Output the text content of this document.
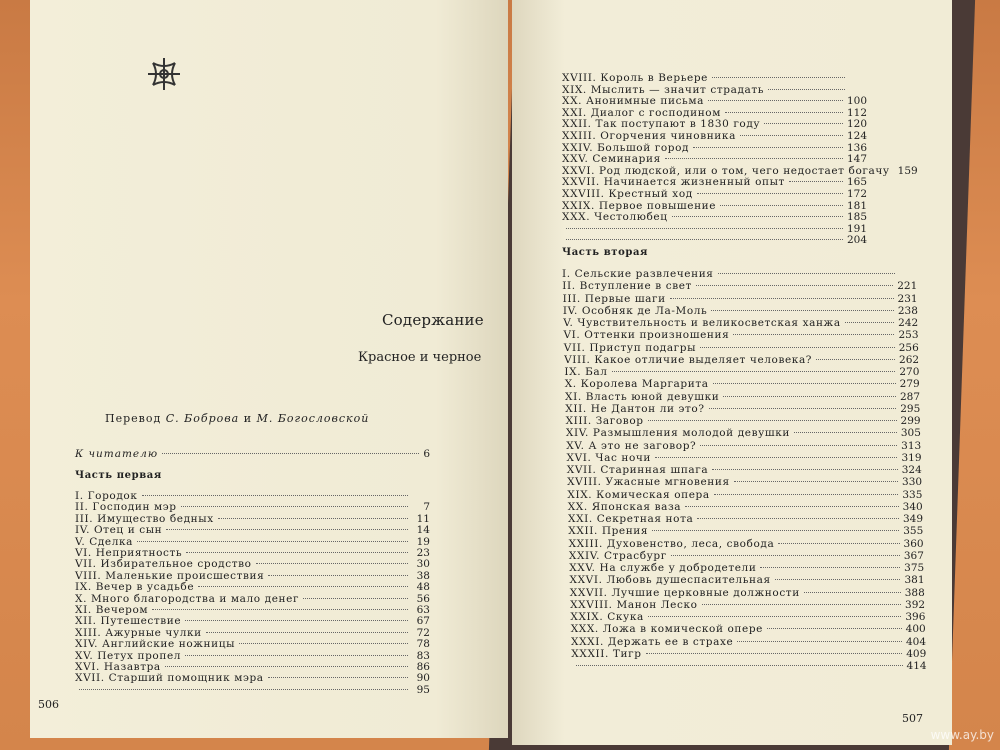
Содержание
Красное и черное
Перевод С. Боброва и М. Богословской
К читателю	6
Часть первая
I. Городок
II. Господин мэр	7
III. Имущество бедных	11
IV. Отец и сын	14
V. Сделка	19
VI. Неприятность	23
VII. Избирательное сродство	30
VIII. Маленькие происшествия	38
IX. Вечер в усадьбе	48
X. Много благородства и мало денег	56
XI. Вечером	63
XII. Путешествие	67
XIII. Ажурные чулки	72
XIV. Английские ножницы	78
XV. Петух пропел	83
XVI. Назавтра	86
XVII. Старший помощник мэра	90
95
506
XVIII. Король в Верьере
XIX. Мыслить — значит страдать
XX. Анонимные письма	100
XXI. Диалог с господином	112
XXII. Так поступают в 1830 году	120
XXIII. Огорчения чиновника	124
XXIV. Большой город	136
XXV. Семинария	147
XXVI. Род людской, или о том, чего недостает богачу 159
XXVII. Начинается жизненный опыт	165
XXVIII. Крестный ход	172
XXIX. Первое повышение	181
XXX. Честолюбец	185
191
204
Часть вторая
I. Сельские развлечения
II. Вступление в свет	221
III. Первые шаги	231
IV. Особняк де Ла-Моль	238
V. Чувствительность и великосветская ханжа	242
VI. Оттенки произношения	253
VII. Приступ подагры	256
VIII. Какое отличие выделяет человека?	262
IX. Бал	270
X. Королева Маргарита	279
XI. Власть юной девушки	287
XII. Не Дантон ли это?	295
XIII. Заговор	299
XIV. Размышления молодой девушки	305
XV. А это не заговор?	313
XVI. Час ночи	319
XVII. Старинная шпага	324
XVIII. Ужасные мгновения	330
XIX. Комическая опера	335
XX. Японская ваза	340
XXI. Секретная нота	349
XXII. Прения	355
XXIII. Духовенство, леса, свобода	360
XXIV. Страсбург	367
XXV. На службе у добродетели	375
XXVI. Любовь душеспасительная	381
XXVII. Лучшие церковные должности	388
XXVIII. Манон Леско	392
XXIX. Скука	396
XXX. Ложа в комической опере	400
XXXI. Держать ее в страхе	404
XXXII. Тигр	409
414
507
www.ay.by
